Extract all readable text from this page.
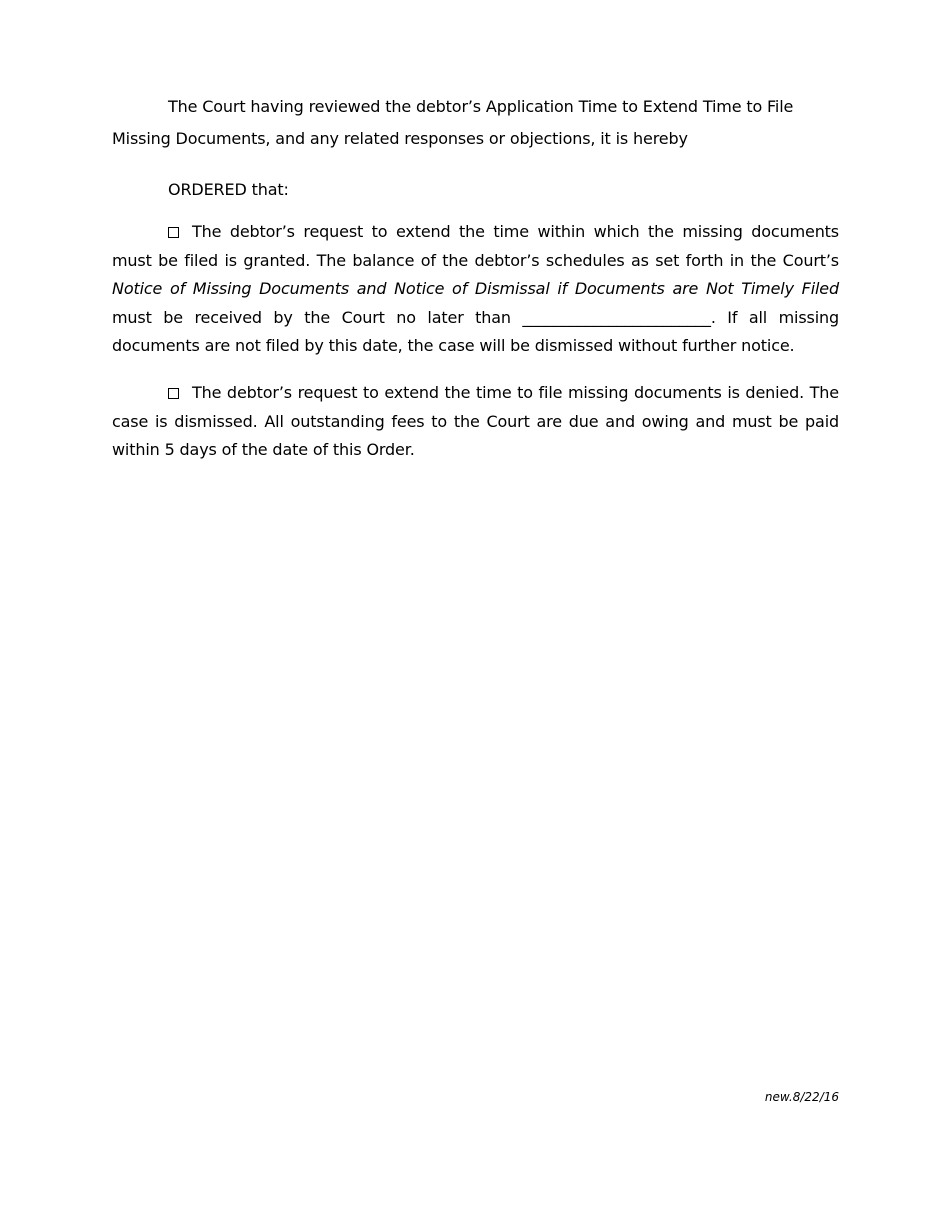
The Court having reviewed the debtor’s Application Time to Extend Time to File Missing Documents, and any related responses or objections, it is hereby

ORDERED that:

The debtor’s request to extend the time within which the missing documents must be filed is granted. The balance of the debtor’s schedules as set forth in the Court’s Notice of Missing Documents and Notice of Dismissal if Documents are Not Timely Filed must be received by the Court no later than ________________________. If all missing documents are not filed by this date, the case will be dismissed without further notice.

The debtor’s request to extend the time to file missing documents is denied. The case is dismissed. All outstanding fees to the Court are due and owing and must be paid within 5 days of the date of this Order.

new.8/22/16
